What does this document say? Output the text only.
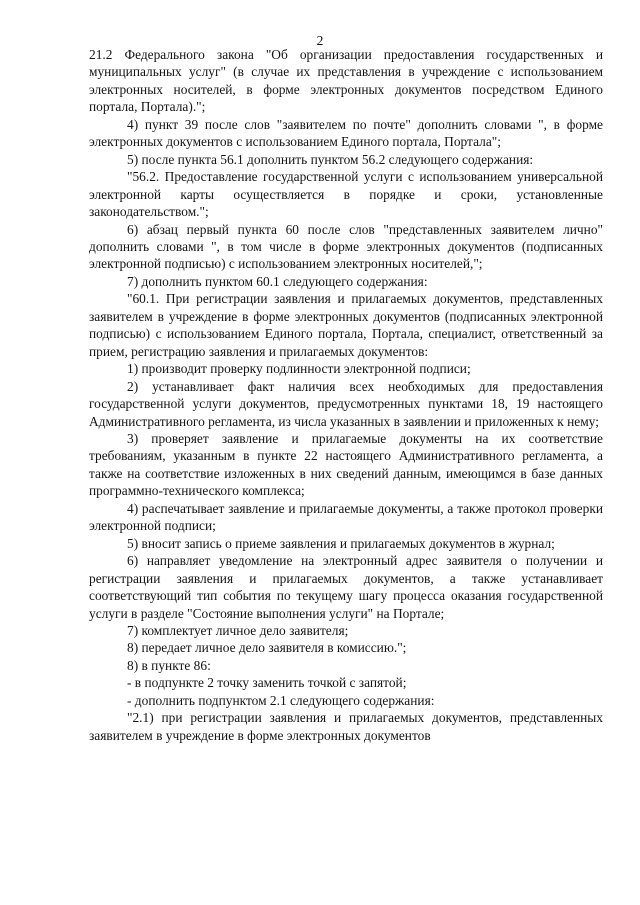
2

21.2 Федерального закона "Об организации предоставления государственных и муниципальных услуг" (в случае их представления в учреждение с использованием электронных носителей, в форме электронных документов посредством Единого портала, Портала).";

4) пункт 39 после слов "заявителем по почте" дополнить словами ", в форме электронных документов с использованием Единого портала, Портала";

5) после пункта 56.1 дополнить пунктом 56.2 следующего содержания:

"56.2. Предоставление государственной услуги с использованием универсальной электронной карты осуществляется в порядке и сроки, установленные законодательством.";

6) абзац первый пункта 60 после слов "представленных заявителем лично" дополнить словами ", в том числе в форме электронных документов (подписанных электронной подписью) с использованием электронных носителей,";

7) дополнить пунктом 60.1 следующего содержания:

"60.1. При регистрации заявления и прилагаемых документов, представленных заявителем в учреждение в форме электронных документов (подписанных электронной подписью) с использованием Единого портала, Портала, специалист, ответственный за прием, регистрацию заявления и прилагаемых документов:

1) производит проверку подлинности электронной подписи;

2) устанавливает факт наличия всех необходимых для предоставления государственной услуги документов, предусмотренных пунктами 18, 19 настоящего Административного регламента, из числа указанных в заявлении и приложенных к нему;

3) проверяет заявление и прилагаемые документы на их соответствие требованиям, указанным в пункте 22 настоящего Административного регламента, а также на соответствие изложенных в них сведений данным, имеющимся в базе данных программно-технического комплекса;

4) распечатывает заявление и прилагаемые документы, а также протокол проверки электронной подписи;

5) вносит запись о приеме заявления и прилагаемых документов в журнал;

6) направляет уведомление на электронный адрес заявителя о получении и регистрации заявления и прилагаемых документов, а также устанавливает соответствующий тип события по текущему шагу процесса оказания государственной услуги в разделе "Состояние выполнения услуги" на Портале;

7) комплектует личное дело заявителя;

8) передает личное дело заявителя в комиссию.";

8) в пункте 86:

- в подпункте 2 точку заменить точкой с запятой;

- дополнить подпунктом 2.1 следующего содержания:

"2.1) при регистрации заявления и прилагаемых документов, представленных заявителем в учреждение в форме электронных документов
